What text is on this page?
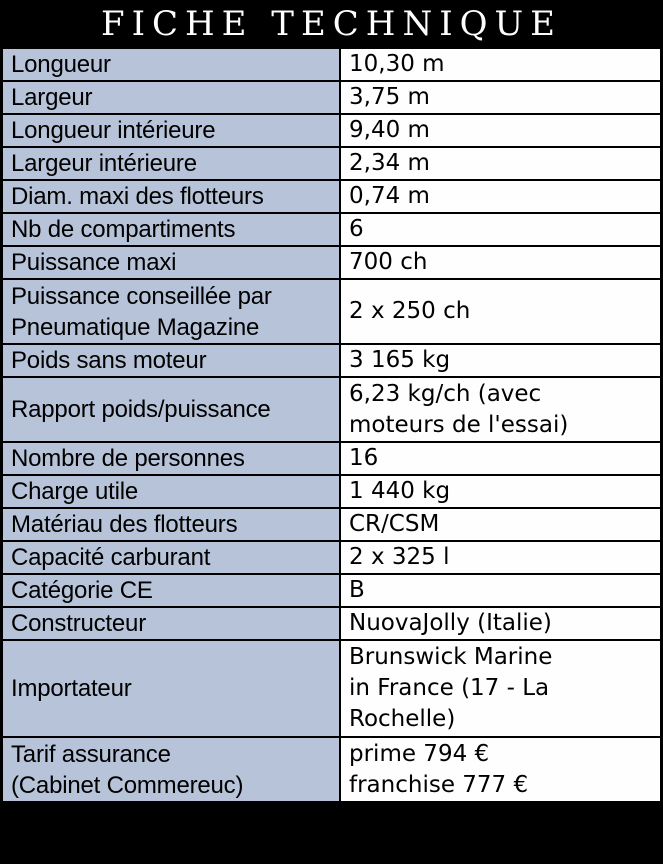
FICHE TECHNIQUE
Longueur	10,30 m

Largeur	3,75 m

Longueur intérieure	9,40 m

Largeur intérieure	2,34 m

Diam. maxi des flotteurs	0,74 m

Nb de compartiments	6

Puissance maxi	700 ch

Puissance conseillée par
Pneumatique Magazine	2 x 250 ch

Poids sans moteur	3 165 kg

Rapport poids/puissance	6,23 kg/ch (avec
moteurs de l'essai)

Nombre de personnes	16

Charge utile	1 440 kg

Matériau des flotteurs	CR/CSM

Capacité carburant	2 x 325 l

Catégorie CE	B

Constructeur	NuovaJolly (Italie)

Importateur	Brunswick Marine
in France (17 - La
Rochelle)

Tarif assurance
(Cabinet Commereuc)	prime 794 €
franchise 777 €
